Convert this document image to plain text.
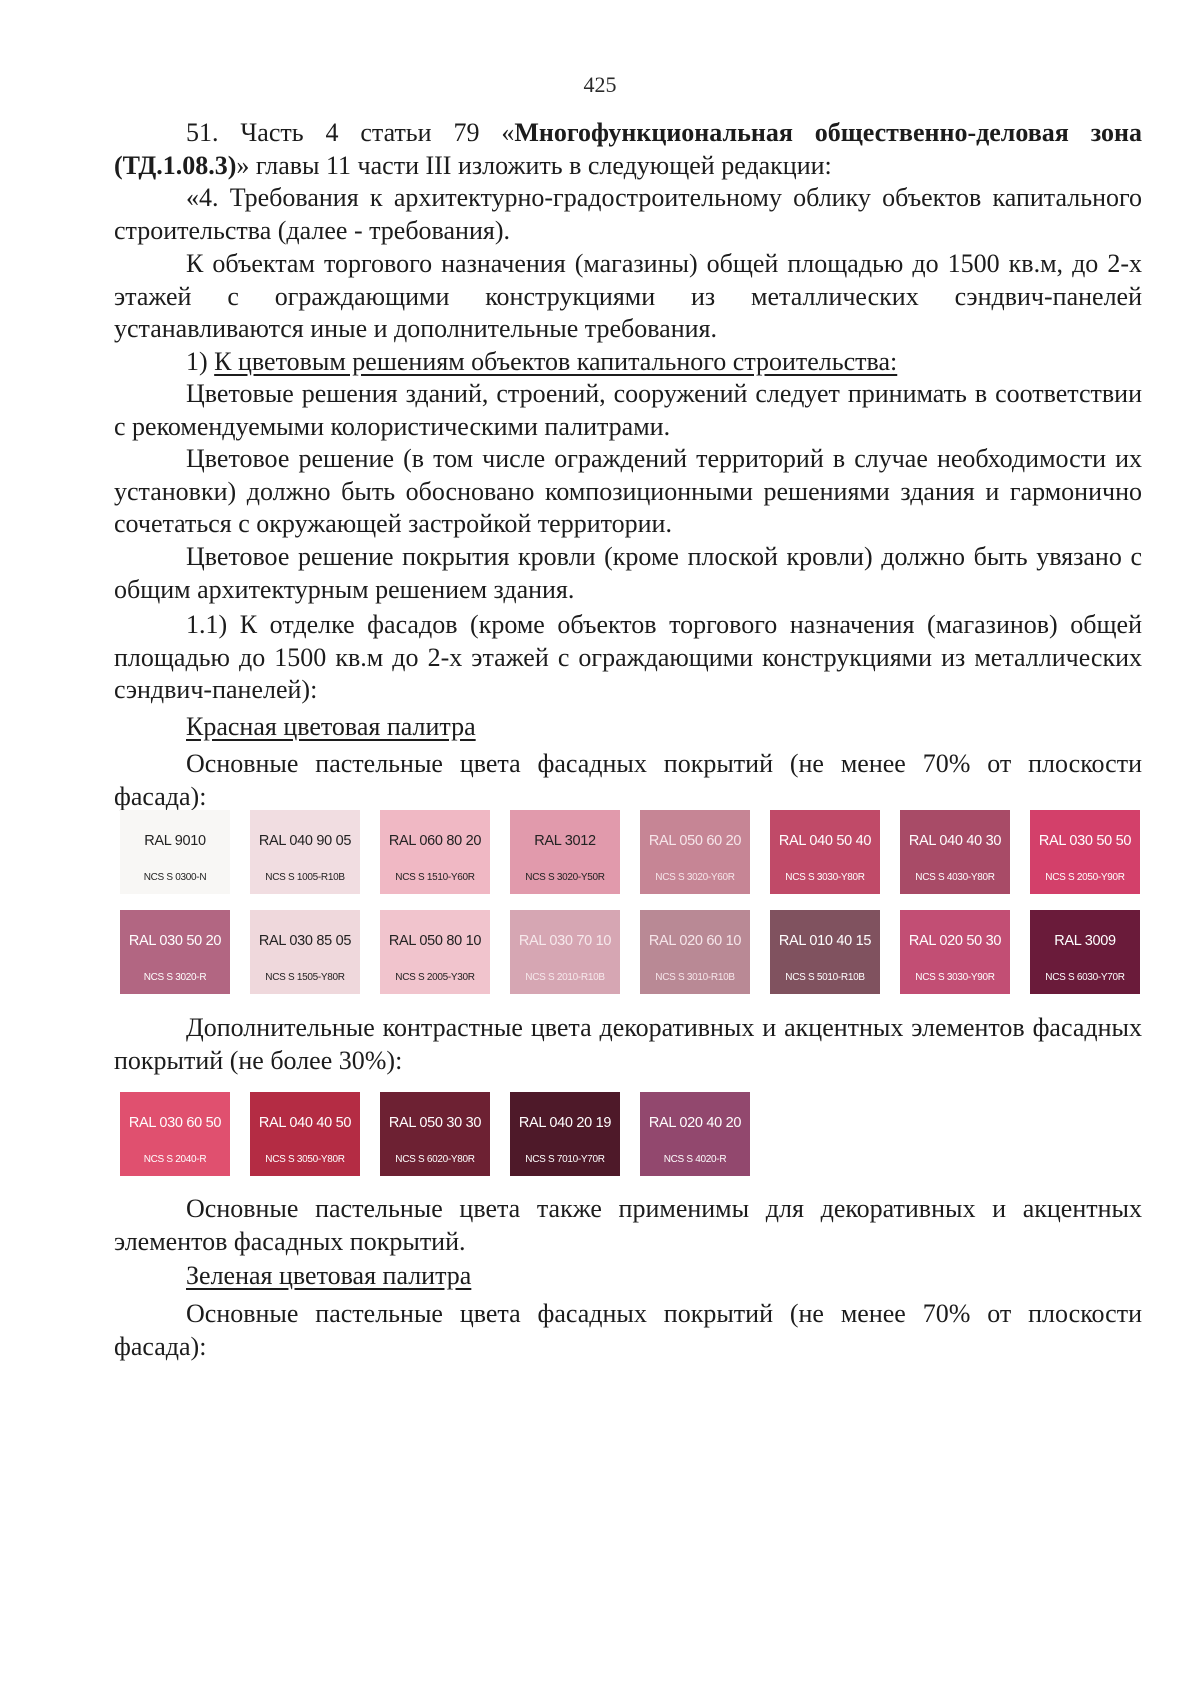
425

51. Часть 4 статьи 79 «Многофункциональная общественно-деловая зона (ТД.1.08.3)» главы 11 части III изложить в следующей редакции:

«4. Требования к архитектурно-градостроительному облику объектов капитального строительства (далее - требования).

К объектам торгового назначения (магазины) общей площадью до 1500 кв.м, до 2-х этажей с ограждающими конструкциями из металлических сэндвич-панелей устанавливаются иные и дополнительные требования.

1) К цветовым решениям объектов капитального строительства:

Цветовые решения зданий, строений, сооружений следует принимать в соответствии с рекомендуемыми колористическими палитрами.

Цветовое решение (в том числе ограждений территорий в случае необходимости их установки) должно быть обосновано композиционными решениями здания и гармонично сочетаться с окружающей застройкой территории.

Цветовое решение покрытия кровли (кроме плоской кровли) должно быть увязано с общим архитектурным решением здания.

1.1) К отделке фасадов (кроме объектов торгового назначения (магазинов) общей площадью до 1500 кв.м до 2-х этажей с ограждающими конструкциями из металлических сэндвич-панелей):

Красная цветовая палитра

Основные пастельные цвета фасадных покрытий (не менее 70% от плоскости фасада):

RAL 9010
NCS S 0300-N
RAL 040 90 05
NCS S 1005-R10B
RAL 060 80 20
NCS S 1510-Y60R
RAL 3012
NCS S 3020-Y50R
RAL 050 60 20
NCS S 3020-Y60R
RAL 040 50 40
NCS S 3030-Y80R
RAL 040 40 30
NCS S 4030-Y80R
RAL 030 50 50
NCS S 2050-Y90R
RAL 030 50 20
NCS S 3020-R
RAL 030 85 05
NCS S 1505-Y80R
RAL 050 80 10
NCS S 2005-Y30R
RAL 030 70 10
NCS S 2010-R10B
RAL 020 60 10
NCS S 3010-R10B
RAL 010 40 15
NCS S 5010-R10B
RAL 020 50 30
NCS S 3030-Y90R
RAL 3009
NCS S 6030-Y70R

Дополнительные контрастные цвета декоративных и акцентных элементов фасадных покрытий (не более 30%):

RAL 030 60 50
NCS S 2040-R
RAL 040 40 50
NCS S 3050-Y80R
RAL 050 30 30
NCS S 6020-Y80R
RAL 040 20 19
NCS S 7010-Y70R
RAL 020 40 20
NCS S 4020-R

Основные пастельные цвета также применимы для декоративных и акцентных элементов фасадных покрытий.

Зеленая цветовая палитра

Основные пастельные цвета фасадных покрытий (не менее 70% от плоскости фасада):
